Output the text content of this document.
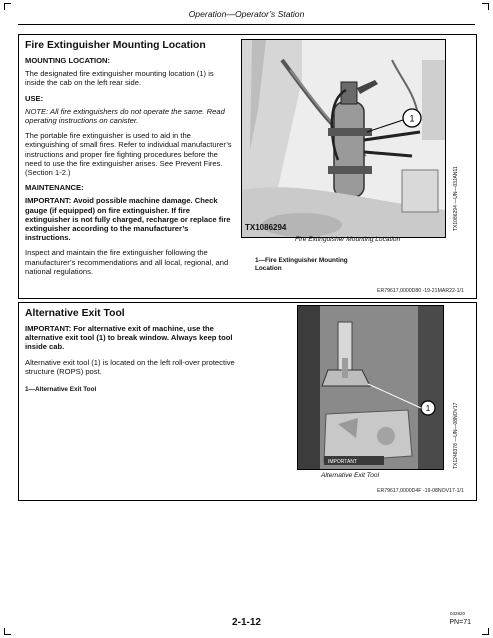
Operation—Operator’s Station
Fire Extinguisher Mounting Location
MOUNTING LOCATION:
The designated fire extinguisher mounting location (1) is inside the cab on the left rear side.
USE:
NOTE: All fire extinguishers do not operate the same. Read operating instructions on canister.
The portable fire extinguisher is used to aid in the extinguishing of small fires. Refer to individual manufacturer’s instructions and proper fire fighting procedures before the need to use the fire extinguisher arises. See Prevent Fires. (Section 1-2.)
MAINTENANCE:
IMPORTANT: Avoid possible machine damage. Check gauge (if equipped) on fire extinguisher. If fire extinguisher is not fully charged, recharge or replace fire extinguisher according to the manufacturer’s instructions.
Inspect and maintain the fire extinguisher following the manufacturer’s recommendations and all local, regional, and national regulations.
1
TX1086294
Fire Extinguisher Mounting Location
TX1086294 —UN—03JAN11
1—Fire Extinguisher Mounting Location
ER79617,0000D80 -19-21MAR22-1/1
Alternative Exit Tool
IMPORTANT: For alternative exit of machine, use the alternative exit tool (1) to break window. Always keep tool inside cab.
Alternative exit tool (1) is located on the left roll-over protective structure (ROPS) post.
1—Alternative Exit Tool
IMPORTANT
1
Alternative Exit Tool
TX1248378 —UN—08NOV17
ER79617,0000D4F -19-08NOV17-1/1
032820
2-1-12	PN=71
